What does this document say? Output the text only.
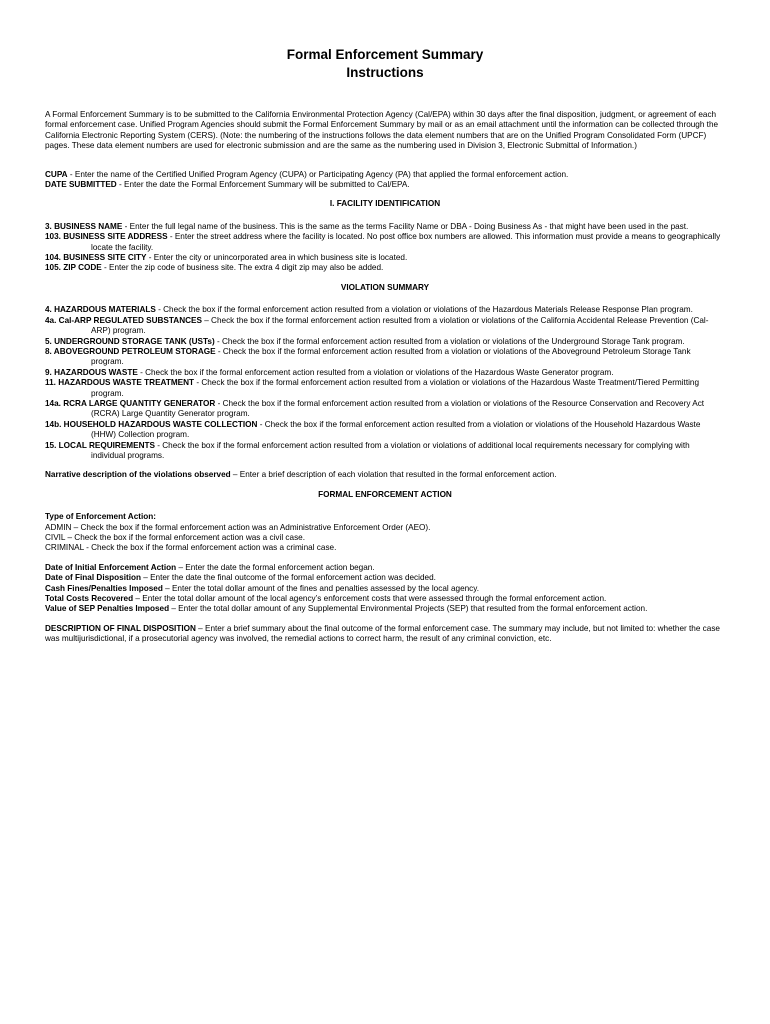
Formal Enforcement Summary
Instructions

A Formal Enforcement Summary is to be submitted to the California Environmental Protection Agency (Cal/EPA) within 30 days after the final disposition, judgment, or agreement of each formal enforcement case. Unified Program Agencies should submit the Formal Enforcement Summary by mail or as an email attachment until the information can be collected through the California Electronic Reporting System (CERS). (Note: the numbering of the instructions follows the data element numbers that are on the Unified Program Consolidated Form (UPCF) pages. These data element numbers are used for electronic submission and are the same as the numbering used in Division 3, Electronic Submittal of Information.)

CUPA - Enter the name of the Certified Unified Program Agency (CUPA) or Participating Agency (PA) that applied the formal enforcement action.

DATE SUBMITTED - Enter the date the Formal Enforcement Summary will be submitted to Cal/EPA.

I. FACILITY IDENTIFICATION

3. BUSINESS NAME - Enter the full legal name of the business. This is the same as the terms Facility Name or DBA - Doing Business As - that might have been used in the past.

103. BUSINESS SITE ADDRESS - Enter the street address where the facility is located. No post office box numbers are allowed. This information must provide a means to geographically locate the facility.

104. BUSINESS SITE CITY - Enter the city or unincorporated area in which business site is located.

105. ZIP CODE - Enter the zip code of business site. The extra 4 digit zip may also be added.

VIOLATION SUMMARY

4. HAZARDOUS MATERIALS - Check the box if the formal enforcement action resulted from a violation or violations of the Hazardous Materials Release Response Plan program.

4a. Cal-ARP REGULATED SUBSTANCES – Check the box if the formal enforcement action resulted from a violation or violations of the California Accidental Release Prevention (Cal-ARP) program.

5. UNDERGROUND STORAGE TANK (USTs) - Check the box if the formal enforcement action resulted from a violation or violations of the Underground Storage Tank program.

8. ABOVEGROUND PETROLEUM STORAGE - Check the box if the formal enforcement action resulted from a violation or violations of the Aboveground Petroleum Storage Tank program.

9. HAZARDOUS WASTE - Check the box if the formal enforcement action resulted from a violation or violations of the Hazardous Waste Generator program.

11. HAZARDOUS WASTE TREATMENT - Check the box if the formal enforcement action resulted from a violation or violations of the Hazardous Waste Treatment/Tiered Permitting program.

14a. RCRA LARGE QUANTITY GENERATOR - Check the box if the formal enforcement action resulted from a violation or violations of the Resource Conservation and Recovery Act (RCRA) Large Quantity Generator program.

14b. HOUSEHOLD HAZARDOUS WASTE COLLECTION - Check the box if the formal enforcement action resulted from a violation or violations of the Household Hazardous Waste (HHW) Collection program.

15. LOCAL REQUIREMENTS - Check the box if the formal enforcement action resulted from a violation or violations of additional local requirements necessary for complying with individual programs.

Narrative description of the violations observed – Enter a brief description of each violation that resulted in the formal enforcement action.

FORMAL ENFORCEMENT ACTION

Type of Enforcement Action:

ADMIN – Check the box if the formal enforcement action was an Administrative Enforcement Order (AEO).

CIVIL – Check the box if the formal enforcement action was a civil case.

CRIMINAL - Check the box if the formal enforcement action was a criminal case.

Date of Initial Enforcement Action – Enter the date the formal enforcement action began.

Date of Final Disposition – Enter the date the final outcome of the formal enforcement action was decided.

Cash Fines/Penalties Imposed – Enter the total dollar amount of the fines and penalties assessed by the local agency.

Total Costs Recovered – Enter the total dollar amount of the local agency’s enforcement costs that were assessed through the formal enforcement action.

Value of SEP Penalties Imposed – Enter the total dollar amount of any Supplemental Environmental Projects (SEP) that resulted from the formal enforcement action.

DESCRIPTION OF FINAL DISPOSITION – Enter a brief summary about the final outcome of the formal enforcement case. The summary may include, but not limited to: whether the case was multijurisdictional, if a prosecutorial agency was involved, the remedial actions to correct harm, the result of any criminal conviction, etc.
